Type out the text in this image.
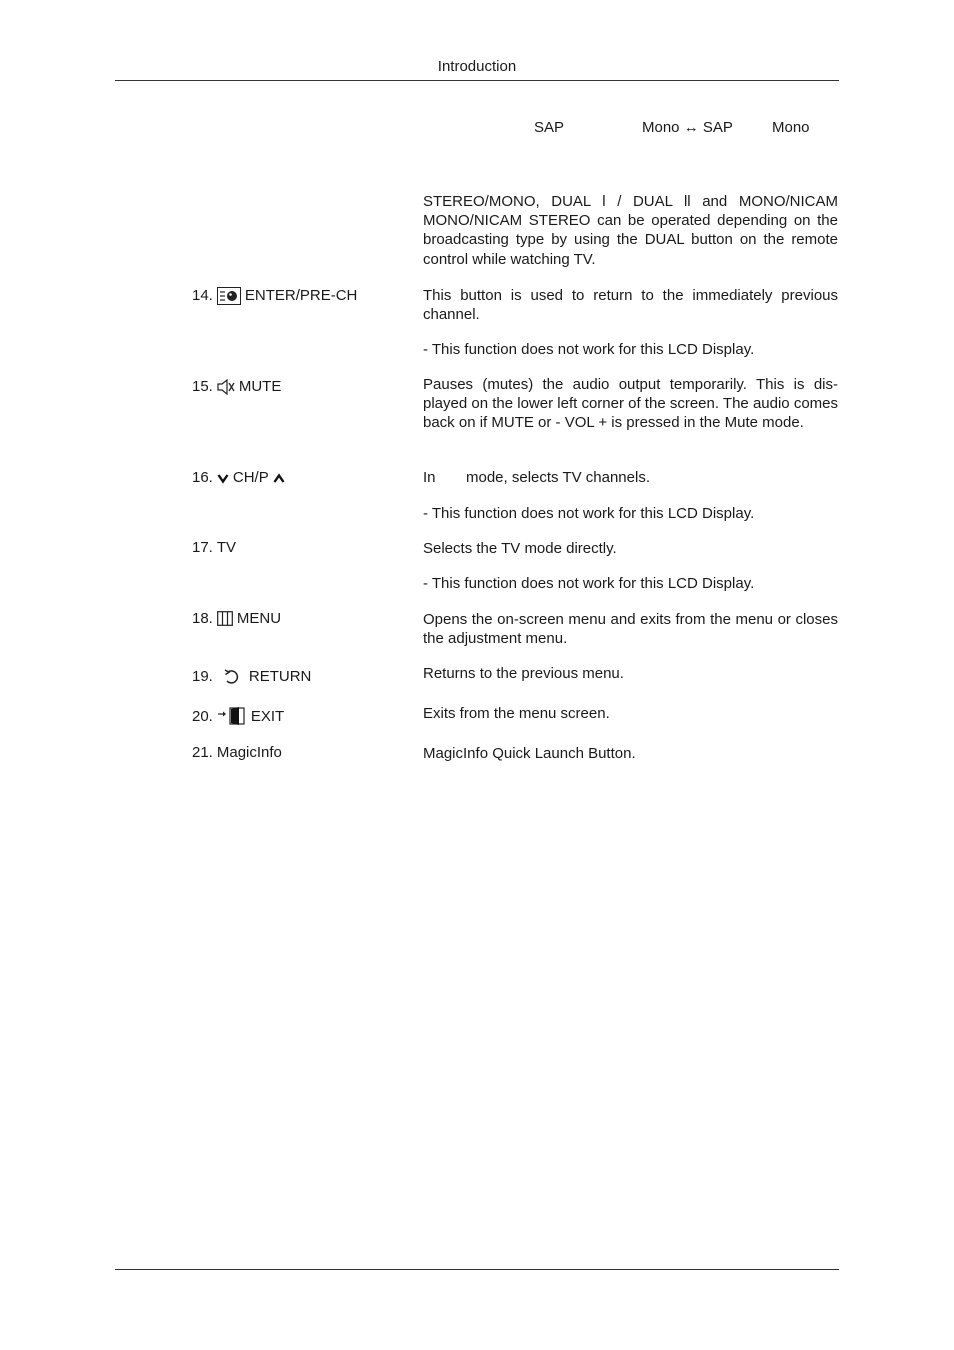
Introduction
SAP	Mono ↔ SAP	Mono
STEREO/MONO, DUAL l / DUAL ll and MONO/NICAM MONO/NICAM STEREO can be operated depending on the broadcasting type by using the DUAL button on the remote control while watching TV.
14. ENTER/PRE-CH	This button is used to return to the immediately previous channel.
- This function does not work for this LCD Display.
15. MUTE	Pauses (mutes) the audio output temporarily. This is dis-played on the lower left corner of the screen. The audio comes back on if MUTE or - VOL + is pressed in the Mute mode.
16. CH/P	In mode, selects TV channels.
- This function does not work for this LCD Display.
17. TV	Selects the TV mode directly.
- This function does not work for this LCD Display.
18. MENU	Opens the on-screen menu and exits from the menu or closes the adjustment menu.
19. RETURN	Returns to the previous menu.
20.	EXIT	Exits from the menu screen.
21. MagicInfo	MagicInfo Quick Launch Button.
